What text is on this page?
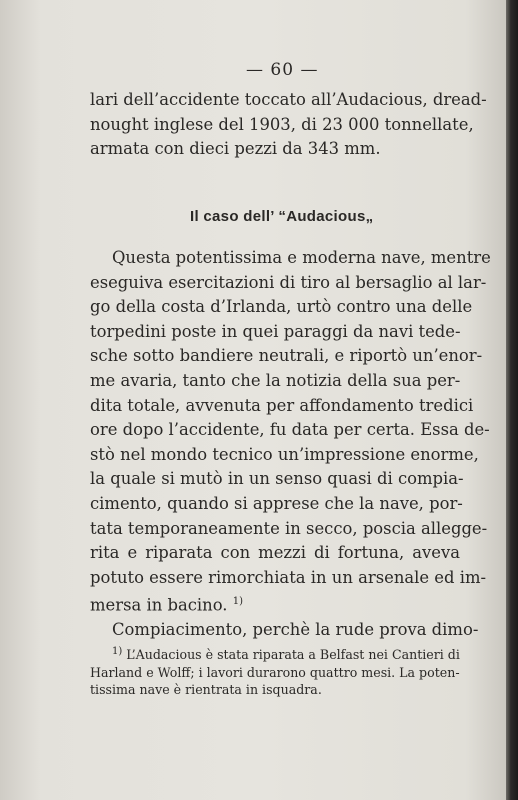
— 60 —
lari dell’accidente toccato all’Audacious, dread-
nought inglese del 1903, di 23 000 tonnellate,
armata con dieci pezzi da 343 mm.
Il caso dell’ “Audacious„
Questa potentissima e moderna nave, mentre
eseguiva esercitazioni di tiro al bersaglio al lar-
go della costa d’Irlanda, urtò contro una delle
torpedini poste in quei paraggi da navi tede-
sche sotto bandiere neutrali, e riportò un’enor-
me avaria, tanto che la notizia della sua per-
dita totale, avvenuta per affondamento tredici
ore dopo l’accidente, fu data per certa. Essa de-
stò nel mondo tecnico un’impressione enorme,
la quale si mutò in un senso quasi di compia-
cimento, quando si apprese che la nave, por-
tata temporaneamente in secco, poscia allegge-
rita e riparata con mezzi di fortuna, aveva
potuto essere rimorchiata in un arsenale ed im-
mersa in bacino. $^{1)}$
Compiacimento, perchè la rude prova dimo-
$^{1)}$ L’Audacious è stata riparata a Belfast nei Cantieri di
Harland e Wolff; i lavori durarono quattro mesi. La poten-
tissima nave è rientrata in isquadra.
